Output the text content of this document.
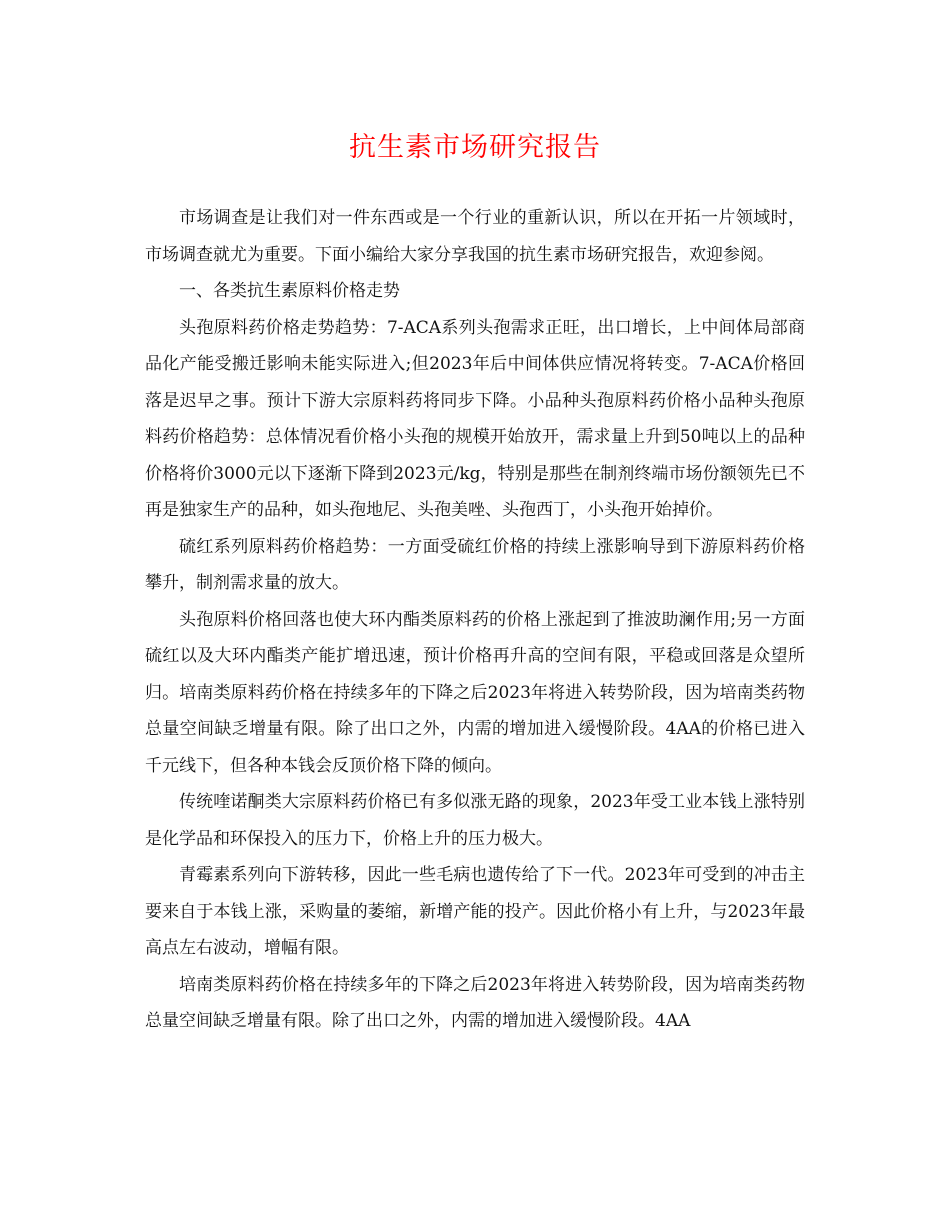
抗生素市场研究报告

市场调查是让我们对一件东西或是一个行业的重新认识，所以在开拓一片领域时，市场调查就尤为重要。下面小编给大家分享我国的抗生素市场研究报告，欢迎参阅。

一、各类抗生素原料价格走势

头孢原料药价格走势趋势：7-ACA系列头孢需求正旺，出口增长，上中间体局部商品化产能受搬迁影响未能实际进入;但2023年后中间体供应情况将转变。7-ACA价格回落是迟早之事。预计下游大宗原料药将同步下降。小品种头孢原料药价格小品种头孢原料药价格趋势：总体情况看价格小头孢的规模开始放开，需求量上升到50吨以上的品种价格将价3000元以下逐渐下降到2023元/kg，特别是那些在制剂终端市场份额领先已不再是独家生产的品种，如头孢地尼、头孢美唑、头孢西丁，小头孢开始掉价。

硫红系列原料药价格趋势：一方面受硫红价格的持续上涨影响导到下游原料药价格攀升，制剂需求量的放大。

头孢原料价格回落也使大环内酯类原料药的价格上涨起到了推波助澜作用;另一方面硫红以及大环内酯类产能扩增迅速，预计价格再升高的空间有限，平稳或回落是众望所归。培南类原料药价格在持续多年的下降之后2023年将进入转势阶段，因为培南类药物总量空间缺乏增量有限。除了出口之外，内需的增加进入缓慢阶段。4AA的价格已进入千元线下，但各种本钱会反顶价格下降的倾向。

传统喹诺酮类大宗原料药价格已有多似涨无路的现象，2023年受工业本钱上涨特别是化学品和环保投入的压力下，价格上升的压力极大。

青霉素系列向下游转移，因此一些毛病也遗传给了下一代。2023年可受到的冲击主要来自于本钱上涨，采购量的萎缩，新增产能的投产。因此价格小有上升，与2023年最高点左右波动，增幅有限。

培南类原料药价格在持续多年的下降之后2023年将进入转势阶段，因为培南类药物总量空间缺乏增量有限。除了出口之外，内需的增加进入缓慢阶段。4AA
